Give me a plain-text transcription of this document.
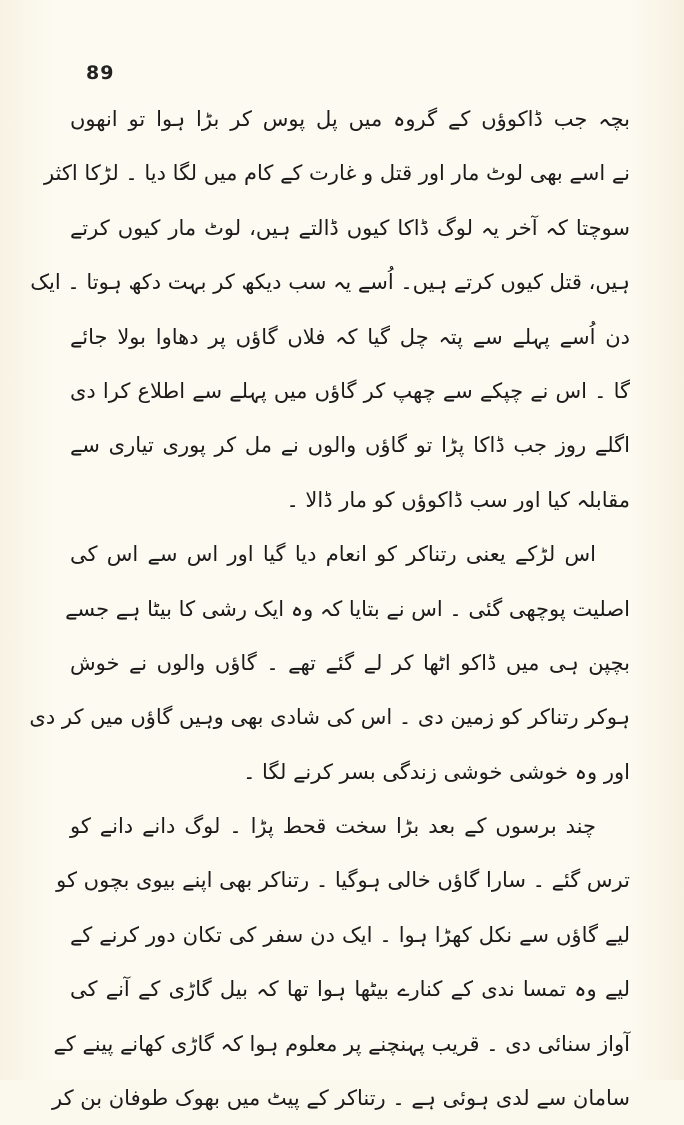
89
بچہ جب ڈاکوؤں کے گروہ میں پل پوس کر بڑا ہوا تو انھوں
نے اسے بھی لوٹ مار اور قتل و غارت کے کام میں لگا دیا ۔ لڑکا اکثر
سوچتا کہ آخر یہ لوگ ڈاکا کیوں ڈالتے ہیں، لوٹ مار کیوں کرتے
ہیں، قتل کیوں کرتے ہیں۔ اُسے یہ سب دیکھ کر بہت دکھ ہوتا ۔ ایک
دن اُسے پہلے سے پتہ چل گیا کہ فلاں گاؤں پر دھاوا بولا جائے
گا ۔ اس نے چپکے سے چھپ کر گاؤں میں پہلے سے اطلاع کرا دی
اگلے روز جب ڈاکا پڑا تو گاؤں والوں نے مل کر پوری تیاری سے
مقابلہ کیا اور سب ڈاکوؤں کو مار ڈالا ۔
اس لڑکے یعنی رتناکر کو انعام دیا گیا اور اس سے اس کی
اصلیت پوچھی گئی ۔ اس نے بتایا کہ وہ ایک رشی کا بیٹا ہے جسے
بچپن ہی میں ڈاکو اٹھا کر لے گئے تھے ۔ گاؤں والوں نے خوش
ہوکر رتناکر کو زمین دی ۔ اس کی شادی بھی وہیں گاؤں میں کر دی
اور وہ خوشی خوشی زندگی بسر کرنے لگا ۔
چند برسوں کے بعد بڑا سخت قحط پڑا ۔ لوگ دانے دانے کو
ترس گئے ۔ سارا گاؤں خالی ہوگیا ۔ رتناکر بھی اپنے بیوی بچوں کو
لیے گاؤں سے نکل کھڑا ہوا ۔ ایک دن سفر کی تکان دور کرنے کے
لیے وہ تمسا ندی کے کنارے بیٹھا ہوا تھا کہ بیل گاڑی کے آنے کی
آواز سنائی دی ۔ قریب پہنچنے پر معلوم ہوا کہ گاڑی کھانے پینے کے
سامان سے لدی ہوئی ہے ۔ رتناکر کے پیٹ میں بھوک طوفان بن کر
